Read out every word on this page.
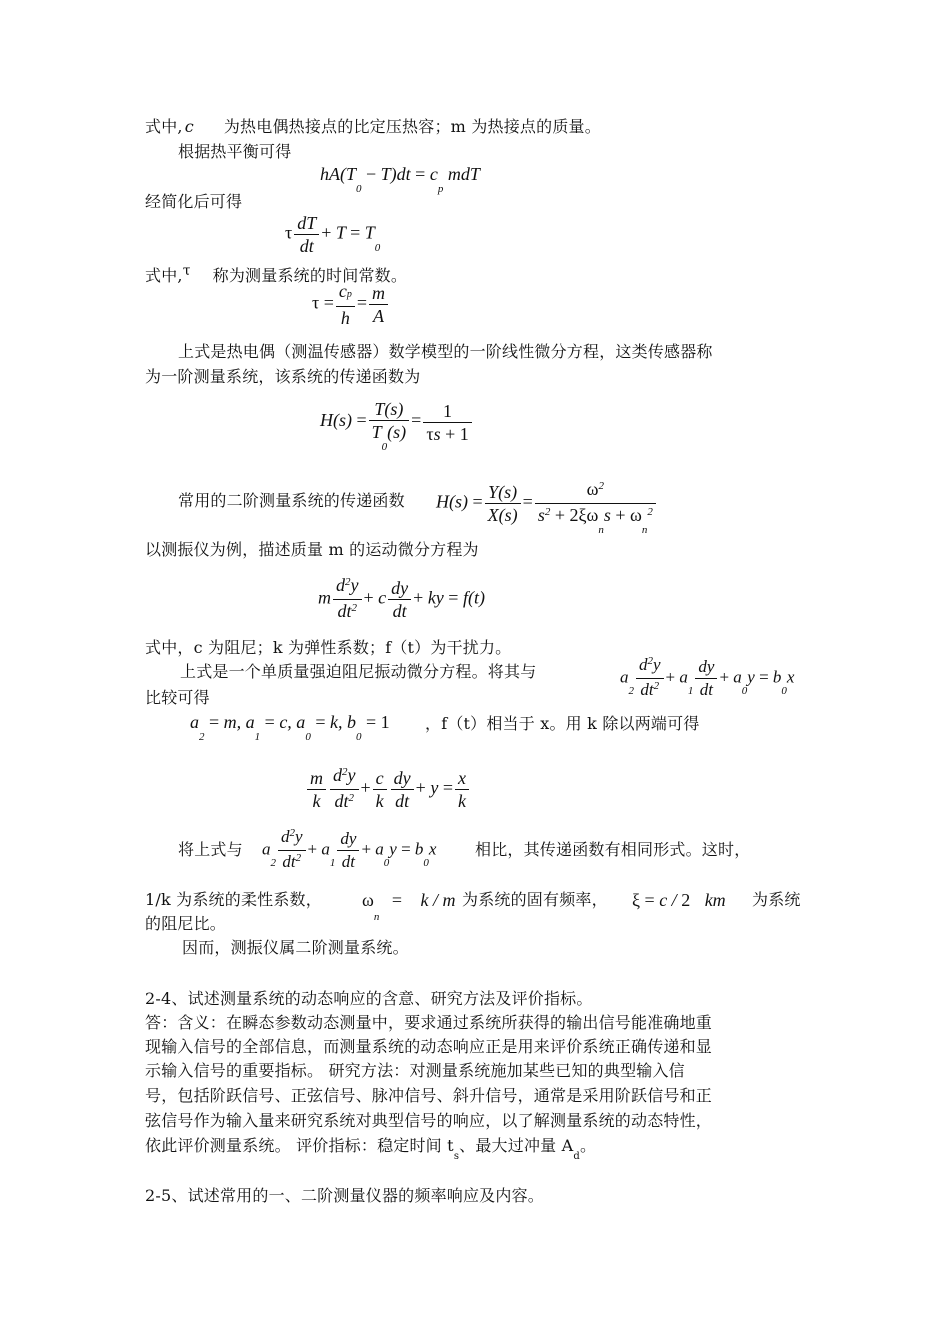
式中, c 为热电偶热接点的比定压热容；m 为热接点的质量。
根据热平衡可得
$hA(T_0 - T)dt = c_p$ mdT
经简化后可得
τ $\frac{dT}{dt} + T = T_0$
式中,τ 称为测量系统的时间常数。
$\tau = \frac{cp}{h} = \frac{m}{A}$
上式是热电偶（测温传感器）数学模型的一阶线性微分方程，这类传感器称
为一阶测量系统，该系统的传递函数为
$H(s) = \frac{T(s)}{T_0(s)} = \frac{1}{\tau s + 1}$
常用的二阶测量系统的传递函数 $H(s) = \frac{Y(s)}{X(s)} = \frac{\omega^2}{s^2 + 2\xi\omega_ns + \omega_n^2}$
以测振仪为例，描述质量 m 的运动微分方程为
m $\frac{d^2y}{dt^2} + c \frac{dy}{dt}$ + ky = f(t)
式中，c 为阻尼；k 为弹性系数；f（t）为干扰力。
上式是一个单质量强迫阻尼振动微分方程。将其与	$a_2 \frac{d^2y}{dt^2} + a_1 \frac{dy}{dt} + a_0y = b_0x$
比较可得
$a_2 = m$, $a_1 = c$, $a_0 = k$, $b_0 = 1$ ，f（t）相当于 x。用 k 除以两端可得
$\frac{m}{k} \frac{d^2y}{dt^2} + \frac{c}{k} \frac{dy}{dt} + y = \frac{x}{k}$
将上式与 $a_2 \frac{d^2y}{dt^2} + a_1 \frac{dy}{dt} + a_0y = b_0x$ 相比，其传递函数有相同形式。这时，
1/k 为系统的柔性系数， $\omega_n = k / m$ 为系统的固有频率， ξ = c / 2 km 为系统
的阻尼比。
因而，测振仪属二阶测量系统。
2-4、试述测量系统的动态响应的含意、研究方法及评价指标。
答：含义：在瞬态参数动态测量中，要求通过系统所获得的输出信号能准确地重
现输入信号的全部信息，而测量系统的动态响应正是用来评价系统正确传递和显
示输入信号的重要指标。 研究方法：对测量系统施加某些已知的典型输入信
号，包括阶跃信号、正弦信号、脉冲信号、斜升信号，通常是采用阶跃信号和正
弦信号作为输入量来研究系统对典型信号的响应，以了解测量系统的动态特性，
依此评价测量系统。 评价指标：稳定时间 $t_s$、最大过冲量 $A_d$。
2-5、试述常用的一、二阶测量仪器的频率响应及内容。
